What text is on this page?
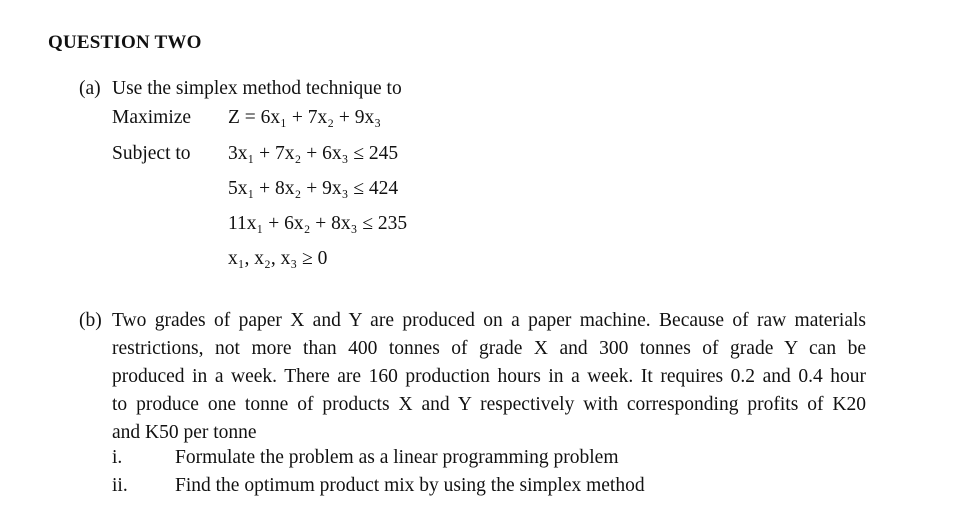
QUESTION TWO
(a) Use the simplex method technique to
Maximize Z = 6x₁ + 7x₂ + 9x₃
Subject to 3x₁ + 7x₂ + 6x₃ ≤ 245
5x₁ + 8x₂ + 9x₃ ≤ 424
11x₁ + 6x₂ + 8x₃ ≤ 235
x₁, x₂, x₃ ≥ 0
(b) Two grades of paper X and Y are produced on a paper machine. Because of raw materials
restrictions, not more than 400 tonnes of grade X and 300 tonnes of grade Y can be
produced in a week. There are 160 production hours in a week. It requires 0.2 and 0.4 hour
to produce one tonne of products X and Y respectively with corresponding profits of K20
and K50 per tonne
i.	Formulate the problem as a linear programming problem
ii. Find the optimum product mix by using the simplex method
